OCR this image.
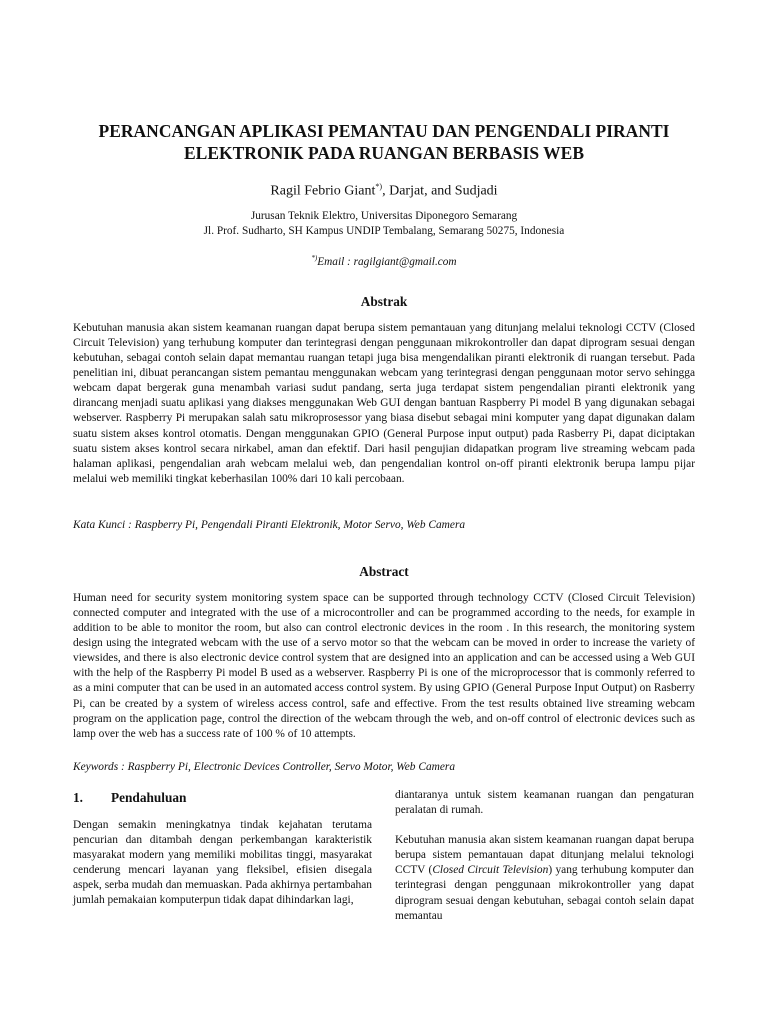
PERANCANGAN APLIKASI PEMANTAU DAN PENGENDALI PIRANTI
ELEKTRONIK PADA RUANGAN BERBASIS WEB
Ragil Febrio Giant*), Darjat, and Sudjadi
Jurusan Teknik Elektro, Universitas Diponegoro Semarang
Jl. Prof. Sudharto, SH Kampus UNDIP Tembalang, Semarang 50275, Indonesia
*)Email : ragilgiant@gmail.com
Abstrak
Kebutuhan manusia akan sistem keamanan ruangan dapat berupa sistem pemantauan yang ditunjang melalui teknologi CCTV (Closed Circuit Television) yang terhubung komputer dan terintegrasi dengan penggunaan mikrokontroller dan dapat diprogram sesuai dengan kebutuhan, sebagai contoh selain dapat memantau ruangan tetapi juga bisa mengendalikan piranti elektronik di ruangan tersebut. Pada penelitian ini, dibuat perancangan sistem pemantau menggunakan webcam yang terintegrasi dengan penggunaan motor servo sehingga webcam dapat bergerak guna menambah variasi sudut pandang, serta juga terdapat sistem pengendalian piranti elektronik yang dirancang menjadi suatu aplikasi yang diakses menggunakan Web GUI dengan bantuan Raspberry Pi model B yang digunakan sebagai webserver. Raspberry Pi merupakan salah satu mikroprosessor yang biasa disebut sebagai mini komputer yang dapat digunakan dalam suatu sistem akses kontrol otomatis. Dengan menggunakan GPIO (General Purpose input output) pada Rasberry Pi, dapat diciptakan suatu sistem akses kontrol secara nirkabel, aman dan efektif. Dari hasil pengujian didapatkan program live streaming webcam pada halaman aplikasi, pengendalian arah webcam melalui web, dan pengendalian kontrol on-off piranti elektronik berupa lampu pijar melalui web memiliki tingkat keberhasilan 100% dari 10 kali percobaan.
Kata Kunci : Raspberry Pi, Pengendali Piranti Elektronik, Motor Servo, Web Camera
Abstract
Human need for security system monitoring system space can be supported through technology CCTV (Closed Circuit Television) connected computer and integrated with the use of a microcontroller and can be programmed according to the needs, for example in addition to be able to monitor the room, but also can control electronic devices in the room . In this research, the monitoring system design using the integrated webcam with the use of a servo motor so that the webcam can be moved in order to increase the variety of viewsides, and there is also electronic device control system that are designed into an application and can be accessed using a Web GUI with the help of the Raspberry Pi model B used as a webserver. Raspberry Pi is one of the microprocessor that is commonly referred to as a mini computer that can be used in an automated access control system. By using GPIO (General Purpose Input Output) on Rasberry Pi, can be created by a system of wireless access control, safe and effective. From the test results obtained live streaming webcam program on the application page, control the direction of the webcam through the web, and on-off control of electronic devices such as lamp over the web has a success rate of 100 % of 10 attempts.
Keywords : Raspberry Pi, Electronic Devices Controller, Servo Motor, Web Camera
1. Pendahuluan

Dengan semakin meningkatnya tindak kejahatan terutama pencurian dan ditambah dengan perkembangan karakteristik masyarakat modern yang memiliki mobilitas tinggi, masyarakat cenderung mencari layanan yang fleksibel, efisien disegala aspek, serba mudah dan memuaskan. Pada akhirnya pertambahan jumlah pemakaian komputerpun tidak dapat dihindarkan lagi,

diantaranya untuk sistem keamanan ruangan dan pengaturan peralatan di rumah.

Kebutuhan manusia akan sistem keamanan ruangan dapat berupa berupa sistem pemantauan dapat ditunjang melalui teknologi CCTV (Closed Circuit Television) yang terhubung komputer dan terintegrasi dengan penggunaan mikrokontroller yang dapat diprogram sesuai dengan kebutuhan, sebagai contoh selain dapat memantau
